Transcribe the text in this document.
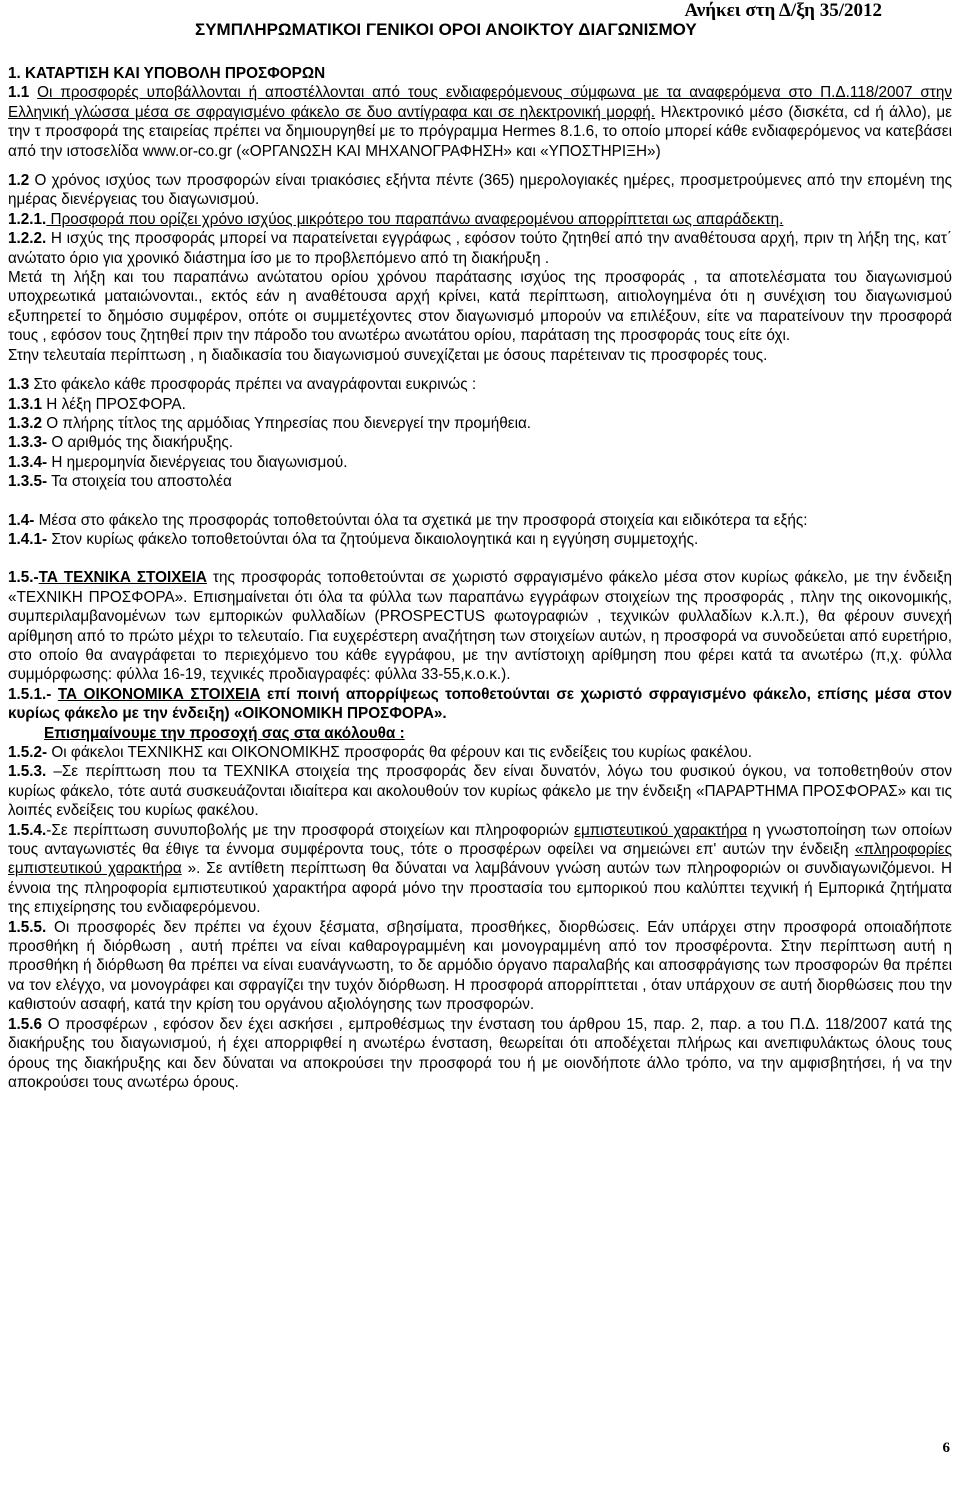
Ανήκει στη Δ/ξη 35/2012
ΣΥΜΠΛΗΡΩΜΑΤΙΚΟΙ ΓΕΝΙΚΟΙ ΟΡΟΙ ΑΝΟΙΚΤΟΥ ΔΙΑΓΩΝΙΣΜΟΥ

1. ΚΑΤΑΡΤΙΣΗ ΚΑΙ ΥΠΟΒΟΛΗ ΠΡΟΣΦΟΡΩΝ

1.1 Οι προσφορές υποβάλλονται ή αποστέλλονται από τους ενδιαφερόμενους σύμφωνα με τα αναφερόμενα στο Π.Δ.118/2007 στην Ελληνική γλώσσα μέσα σε σφραγισμένο φάκελο σε δυο αντίγραφα και σε ηλεκτρονική μορφή. Ηλεκτρονικό μέσο (δισκέτα, cd ή άλλο), με την τ προσφορά της εταιρείας πρέπει να δημιουργηθεί με το πρόγραμμα Hermes 8.1.6, το οποίο μπορεί κάθε ενδιαφερόμενος να κατεβάσει από την ιστοσελίδα www.or-co.gr («ΟΡΓΑΝΩΣΗ ΚΑΙ ΜΗΧΑΝΟΓΡΑΦΗΣΗ» και «ΥΠΟΣΤΗΡΙΞΗ»)

1.2 Ο χρόνος ισχύος των προσφορών είναι τριακόσιες εξήντα πέντε (365) ημερολογιακές ημέρες, προσμετρούμενες από την επομένη της ημέρας διενέργειας του διαγωνισμού.

1.2.1. Προσφορά που ορίζει χρόνο ισχύος μικρότερο του παραπάνω αναφερομένου απορρίπτεται ως απαράδεκτη.

1.2.2. Η ισχύς της προσφοράς μπορεί να παρατείνεται εγγράφως , εφόσον τούτο ζητηθεί από την αναθέτουσα αρχή, πριν τη λήξη της, κατ΄ ανώτατο όριο για χρονικό διάστημα ίσο με το προβλεπόμενο από τη διακήρυξη .

Μετά τη λήξη και του παραπάνω ανώτατου ορίου χρόνου παράτασης ισχύος της προσφοράς , τα αποτελέσματα του διαγωνισμού υποχρεωτικά ματαιώνονται., εκτός εάν η αναθέτουσα αρχή κρίνει, κατά περίπτωση, αιτιολογημένα ότι η συνέχιση του διαγωνισμού εξυπηρετεί το δημόσιο συμφέρον, οπότε οι συμμετέχοντες στον διαγωνισμό μπορούν να επιλέξουν, είτε να παρατείνουν την προσφορά τους , εφόσον τους ζητηθεί πριν την πάροδο του ανωτέρω ανωτάτου ορίου, παράταση της προσφοράς τους είτε όχι.

Στην τελευταία περίπτωση , η διαδικασία του διαγωνισμού συνεχίζεται με όσους παρέτειναν τις προσφορές τους.

1.3 Στο φάκελο κάθε προσφοράς πρέπει να αναγράφονται ευκρινώς :

1.3.1 Η λέξη ΠΡΟΣΦΟΡΑ.

1.3.2 Ο πλήρης τίτλος της αρμόδιας Υπηρεσίας που διενεργεί την προμήθεια.

1.3.3- Ο αριθμός της διακήρυξης.

1.3.4- Η ημερομηνία διενέργειας του διαγωνισμού.

1.3.5- Τα στοιχεία του αποστολέα

1.4- Μέσα στο φάκελο της προσφοράς τοποθετούνται όλα τα σχετικά με την προσφορά στοιχεία και ειδικότερα τα εξής:

1.4.1- Στον κυρίως φάκελο τοποθετούνται όλα τα ζητούμενα δικαιολογητικά και η εγγύηση συμμετοχής.

1.5.-ΤΑ ΤΕΧΝΙΚΑ ΣΤΟΙΧΕΙΑ της προσφοράς τοποθετούνται σε χωριστό σφραγισμένο φάκελο μέσα στον κυρίως φάκελο, με την ένδειξη «ΤΕΧΝΙΚΗ ΠΡΟΣΦΟΡΑ». Επισημαίνεται ότι όλα τα φύλλα των παραπάνω εγγράφων στοιχείων της προσφοράς , πλην της οικονομικής, συμπεριλαμβανομένων των εμπορικών φυλλαδίων (PROSPECTUS φωτογραφιών , τεχνικών φυλλαδίων κ.λ.π.), θα φέρουν συνεχή αρίθμηση από το πρώτο μέχρι το τελευταίο. Για ευχερέστερη αναζήτηση των στοιχείων αυτών, η προσφορά να συνοδεύεται από ευρετήριο, στο οποίο θα αναγράφεται το περιεχόμενο του κάθε εγγράφου, με την αντίστοιχη αρίθμηση που φέρει κατά τα ανωτέρω (π,χ. φύλλα συμμόρφωσης: φύλλα 16-19, τεχνικές προδιαγραφές: φύλλα 33-55,κ.ο.κ.).

1.5.1.- ΤΑ ΟΙΚΟΝΟΜΙΚΑ ΣΤΟΙΧΕΙΑ επί ποινή απορρίψεως τοποθετούνται σε χωριστό σφραγισμένο φάκελο, επίσης μέσα στον κυρίως φάκελο με την ένδειξη) «ΟΙΚΟΝΟΜΙΚΗ ΠΡΟΣΦΟΡΑ».

Επισημαίνουμε την προσοχή σας στα ακόλουθα :

1.5.2- Οι φάκελοι ΤΕΧΝΙΚΗΣ και ΟΙΚΟΝΟΜΙΚΗΣ προσφοράς θα φέρουν και τις ενδείξεις του κυρίως φακέλου.

1.5.3. –Σε περίπτωση που τα ΤΕΧΝΙΚΑ στοιχεία της προσφοράς δεν είναι δυνατόν, λόγω του φυσικού όγκου, να τοποθετηθούν στον κυρίως φάκελο, τότε αυτά συσκευάζονται ιδιαίτερα και ακολουθούν τον κυρίως φάκελο με την ένδειξη «ΠΑΡΑΡΤΗΜΑ ΠΡΟΣΦΟΡΑΣ» και τις λοιπές ενδείξεις του κυρίως φακέλου.

1.5.4.-Σε περίπτωση συνυποβολής με την προσφορά στοιχείων και πληροφοριών εμπιστευτικού χαρακτήρα η γνωστοποίηση των οποίων τους ανταγωνιστές θα έθιγε τα έννομα συμφέροντα τους, τότε ο προσφέρων οφείλει να σημειώνει επ' αυτών την ένδειξη «πληροφορίες εμπιστευτικού χαρακτήρα ». Σε αντίθετη περίπτωση θα δύναται να λαμβάνουν γνώση αυτών των πληροφοριών οι συνδιαγωνιζόμενοι. Η έννοια της πληροφορία εμπιστευτικού χαρακτήρα αφορά μόνο την προστασία του εμπορικού που καλύπτει τεχνική ή Εμπορικά ζητήματα της επιχείρησης του ενδιαφερόμενου.

1.5.5. Οι προσφορές δεν πρέπει να έχουν ξέσματα, σβησίματα, προσθήκες, διορθώσεις. Εάν υπάρχει στην προσφορά οποιαδήποτε προσθήκη ή διόρθωση , αυτή πρέπει να είναι καθαρογραμμένη και μονογραμμένη από τον προσφέροντα. Στην περίπτωση αυτή η προσθήκη ή διόρθωση θα πρέπει να είναι ευανάγνωστη, το δε αρμόδιο όργανο παραλαβής και αποσφράγισης των προσφορών θα πρέπει να τον ελέγχο, να μονογράφει και σφραγίζει την τυχόν διόρθωση. Η προσφορά απορρίπτεται , όταν υπάρχουν σε αυτή διορθώσεις που την καθιστούν ασαφή, κατά την κρίση του οργάνου αξιολόγησης των προσφορών.

1.5.6 Ο προσφέρων , εφόσον δεν έχει ασκήσει , εμπροθέσμως την ένσταση του άρθρου 15, παρ. 2, παρ. a του Π.Δ. 118/2007 κατά της διακήρυξης του διαγωνισμού, ή έχει απορριφθεί η ανωτέρω ένσταση, θεωρείται ότι αποδέχεται πλήρως και ανεπιφυλάκτως όλους τους όρους της διακήρυξης και δεν δύναται να αποκρούσει την προσφορά του ή με οιονδήποτε άλλο τρόπο, να την αμφισβητήσει, ή να την αποκρούσει τους ανωτέρω όρους.

6
